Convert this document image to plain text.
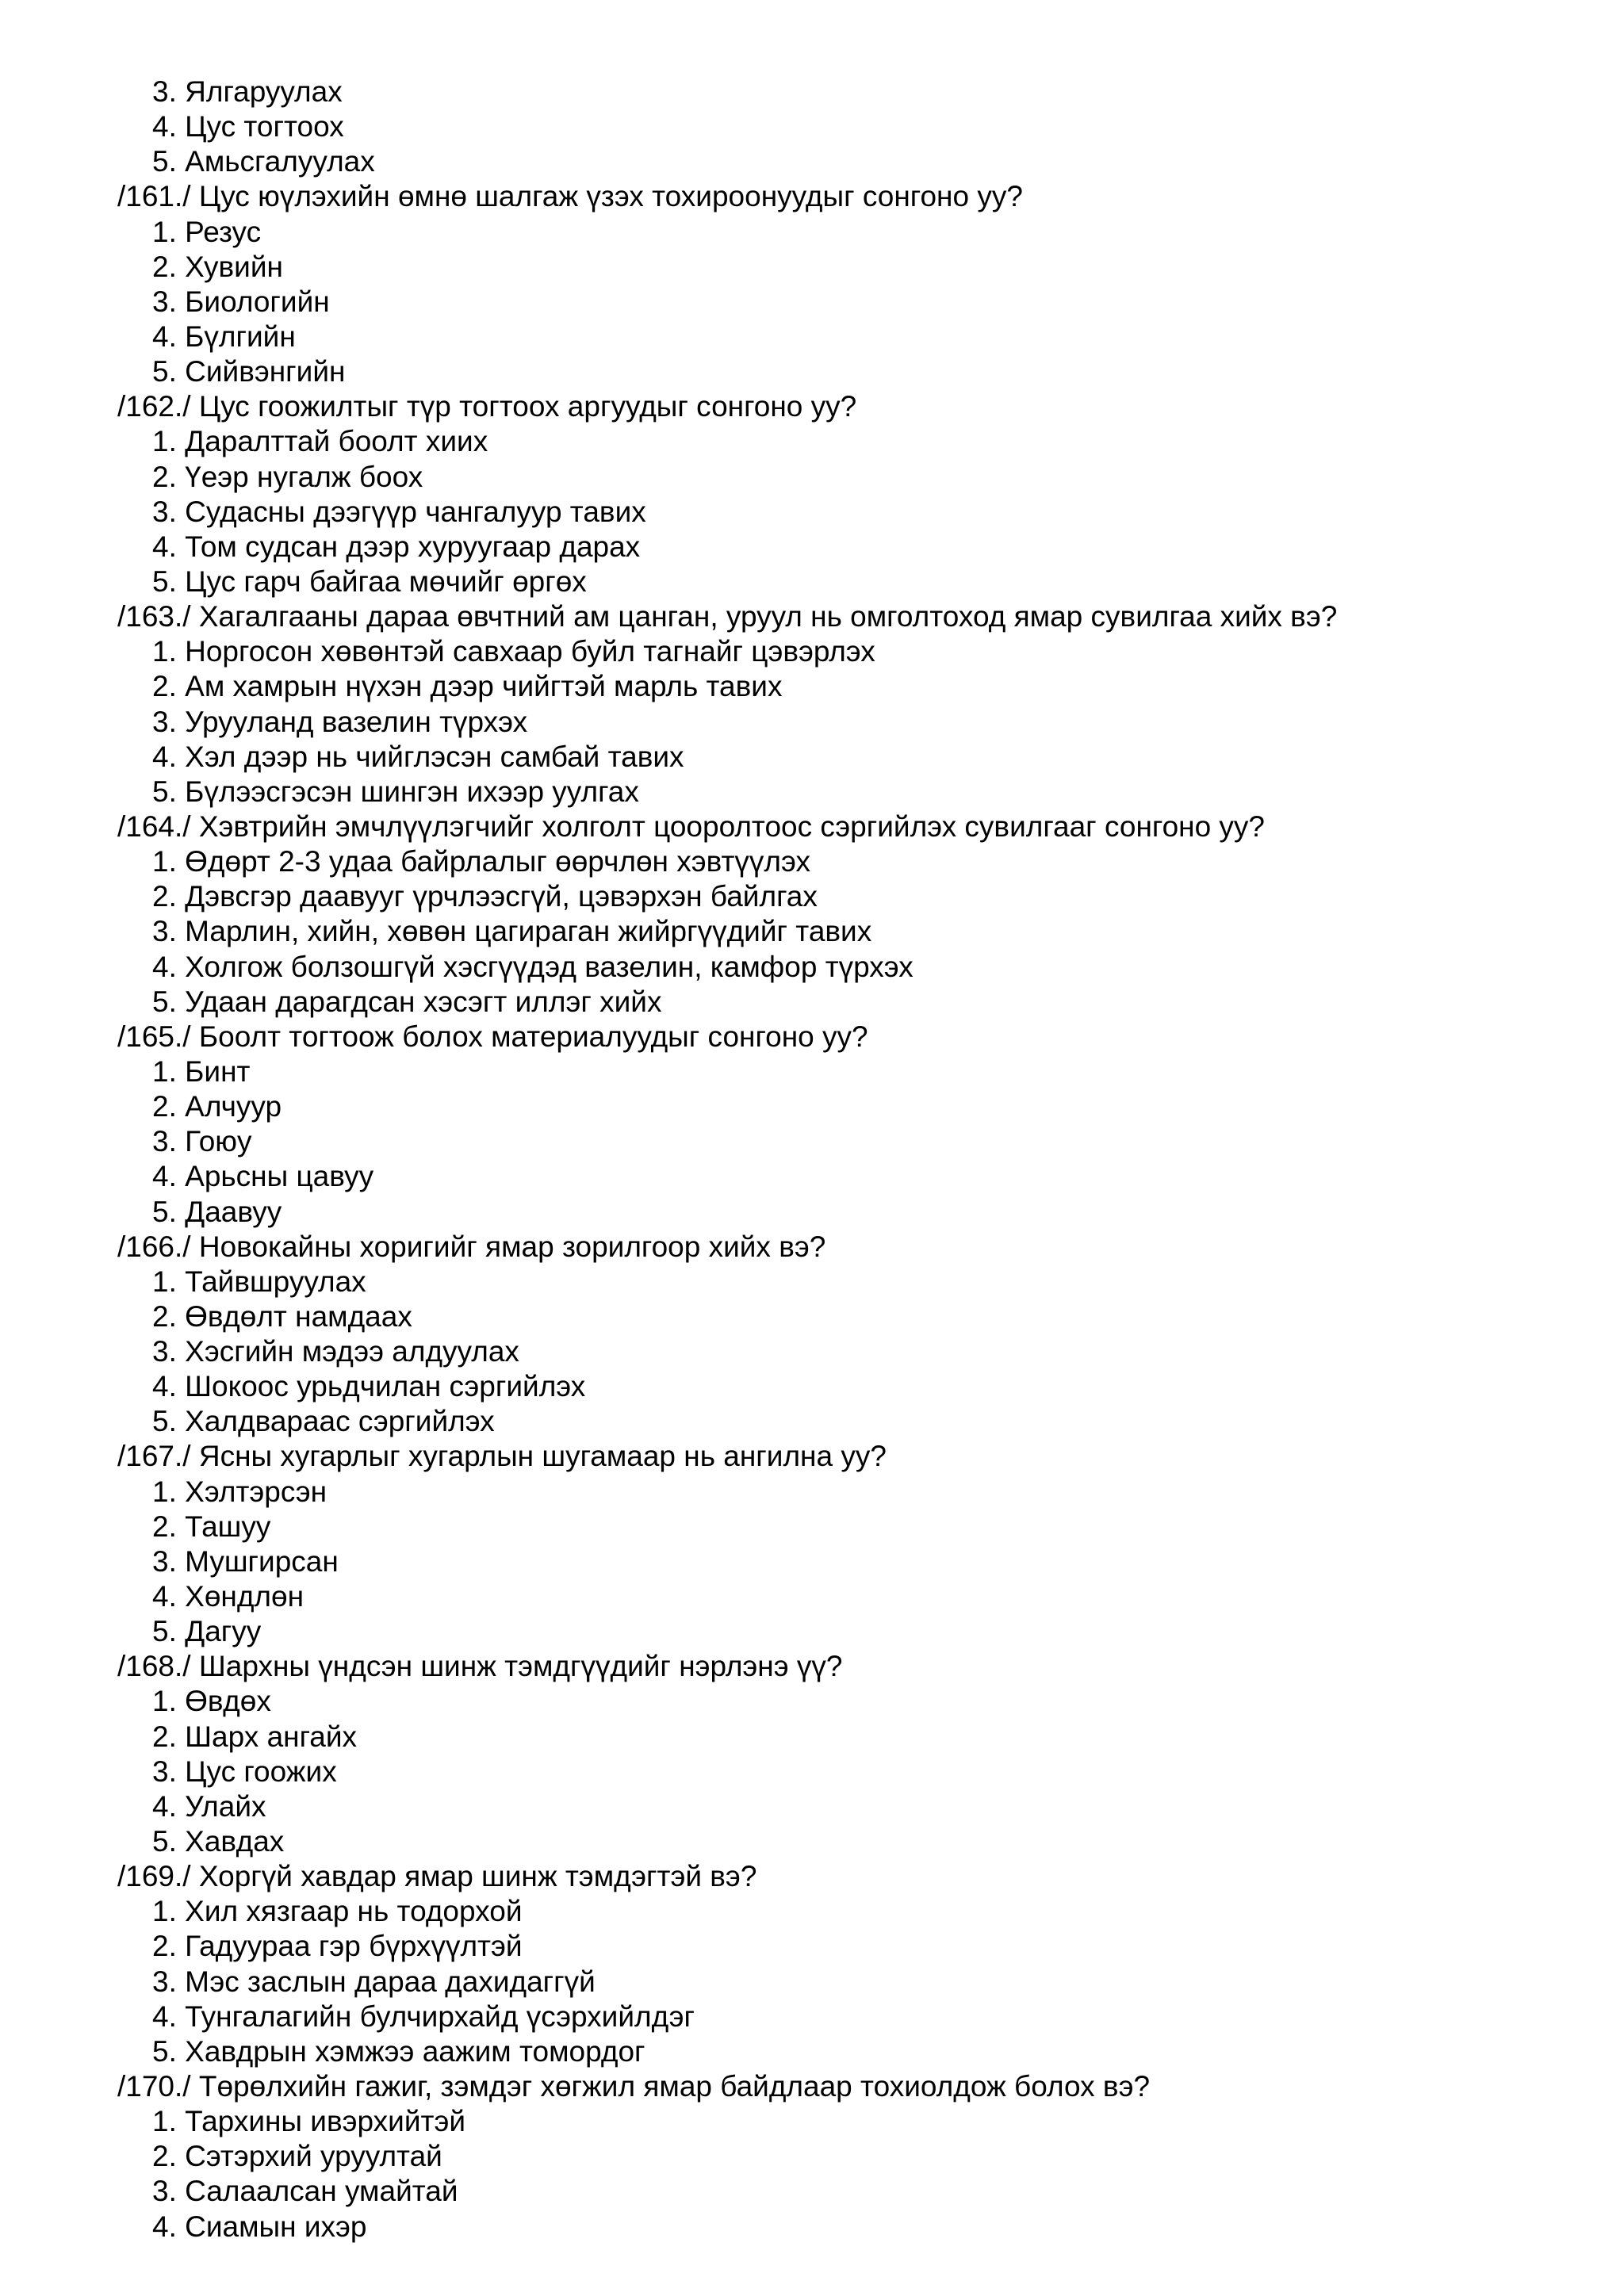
3. Ялгаруулах
4. Цус тогтоох
5. Амьсгалуулах
/161./ Цус юүлэхийн өмнө шалгаж үзэх тохироонуудыг сонгоно уу?
1. Резус
2. Хувийн
3. Биологийн
4. Бүлгийн
5. Сийвэнгийн
/162./ Цус гоожилтыг түр тогтоох аргуудыг сонгоно уу?
1. Даралттай боолт хиих
2. Үеэр нугалж боох
3. Судасны дээгүүр чангалуур тавих
4. Том судсан дээр хуруугаар дарах
5. Цус гарч байгаа мөчийг өргөх
/163./ Хагалгааны дараа өвчтний ам цанган, уруул нь омголтоход ямар сувилгаа хийх вэ?
1. Норгосон хөвөнтэй савхаар буйл тагнайг цэвэрлэх
2. Ам хамрын нүхэн дээр чийгтэй марль тавих
3. Урууланд вазелин түрхэх
4. Хэл дээр нь чийглэсэн самбай тавих
5. Бүлээсгэсэн шингэн ихээр уулгах
/164./ Хэвтрийн эмчлүүлэгчийг холголт цооролтоос сэргийлэх сувилгааг сонгоно уу?
1. Өдөрт 2-3 удаа байрлалыг өөрчлөн хэвтүүлэх
2. Дэвсгэр даавууг үрчлээсгүй, цэвэрхэн байлгах
3. Марлин, хийн, хөвөн цагираган жийргүүдийг тавих
4. Холгож болзошгүй хэсгүүдэд вазелин, камфор түрхэх
5. Удаан дарагдсан хэсэгт иллэг хийх
/165./ Боолт тогтоож болох материалуудыг сонгоно уу?
1. Бинт
2. Алчуур
3. Гоюу
4. Арьсны цавуу
5. Даавуу
/166./ Новокайны хоригийг ямар зорилгоор хийх вэ?
1. Тайвшруулах
2. Өвдөлт намдаах
3. Хэсгийн мэдээ алдуулах
4. Шокоос урьдчилан сэргийлэх
5. Халдвараас сэргийлэх
/167./ Ясны хугарлыг хугарлын шугамаар нь ангилна уу?
1. Хэлтэрсэн
2. Ташуу
3. Мушгирсан
4. Хөндлөн
5. Дагуу
/168./ Шархны үндсэн шинж тэмдгүүдийг нэрлэнэ үү?
1. Өвдөх
2. Шарх ангайх
3. Цус гоожих
4. Улайх
5. Хавдах
/169./ Хоргүй хавдар ямар шинж тэмдэгтэй вэ?
1. Хил хязгаар нь тодорхой
2. Гадуураа гэр бүрхүүлтэй
3. Мэс заслын дараа дахидаггүй
4. Тунгалагийн булчирхайд үсэрхийлдэг
5. Хавдрын хэмжээ аажим томордог
/170./ Төрөлхийн гажиг, зэмдэг хөгжил ямар байдлаар тохиолдож болох вэ?
1. Тархины ивэрхийтэй
2. Сэтэрхий уруултай
3. Салаалсан умайтай
4. Сиамын ихэр
